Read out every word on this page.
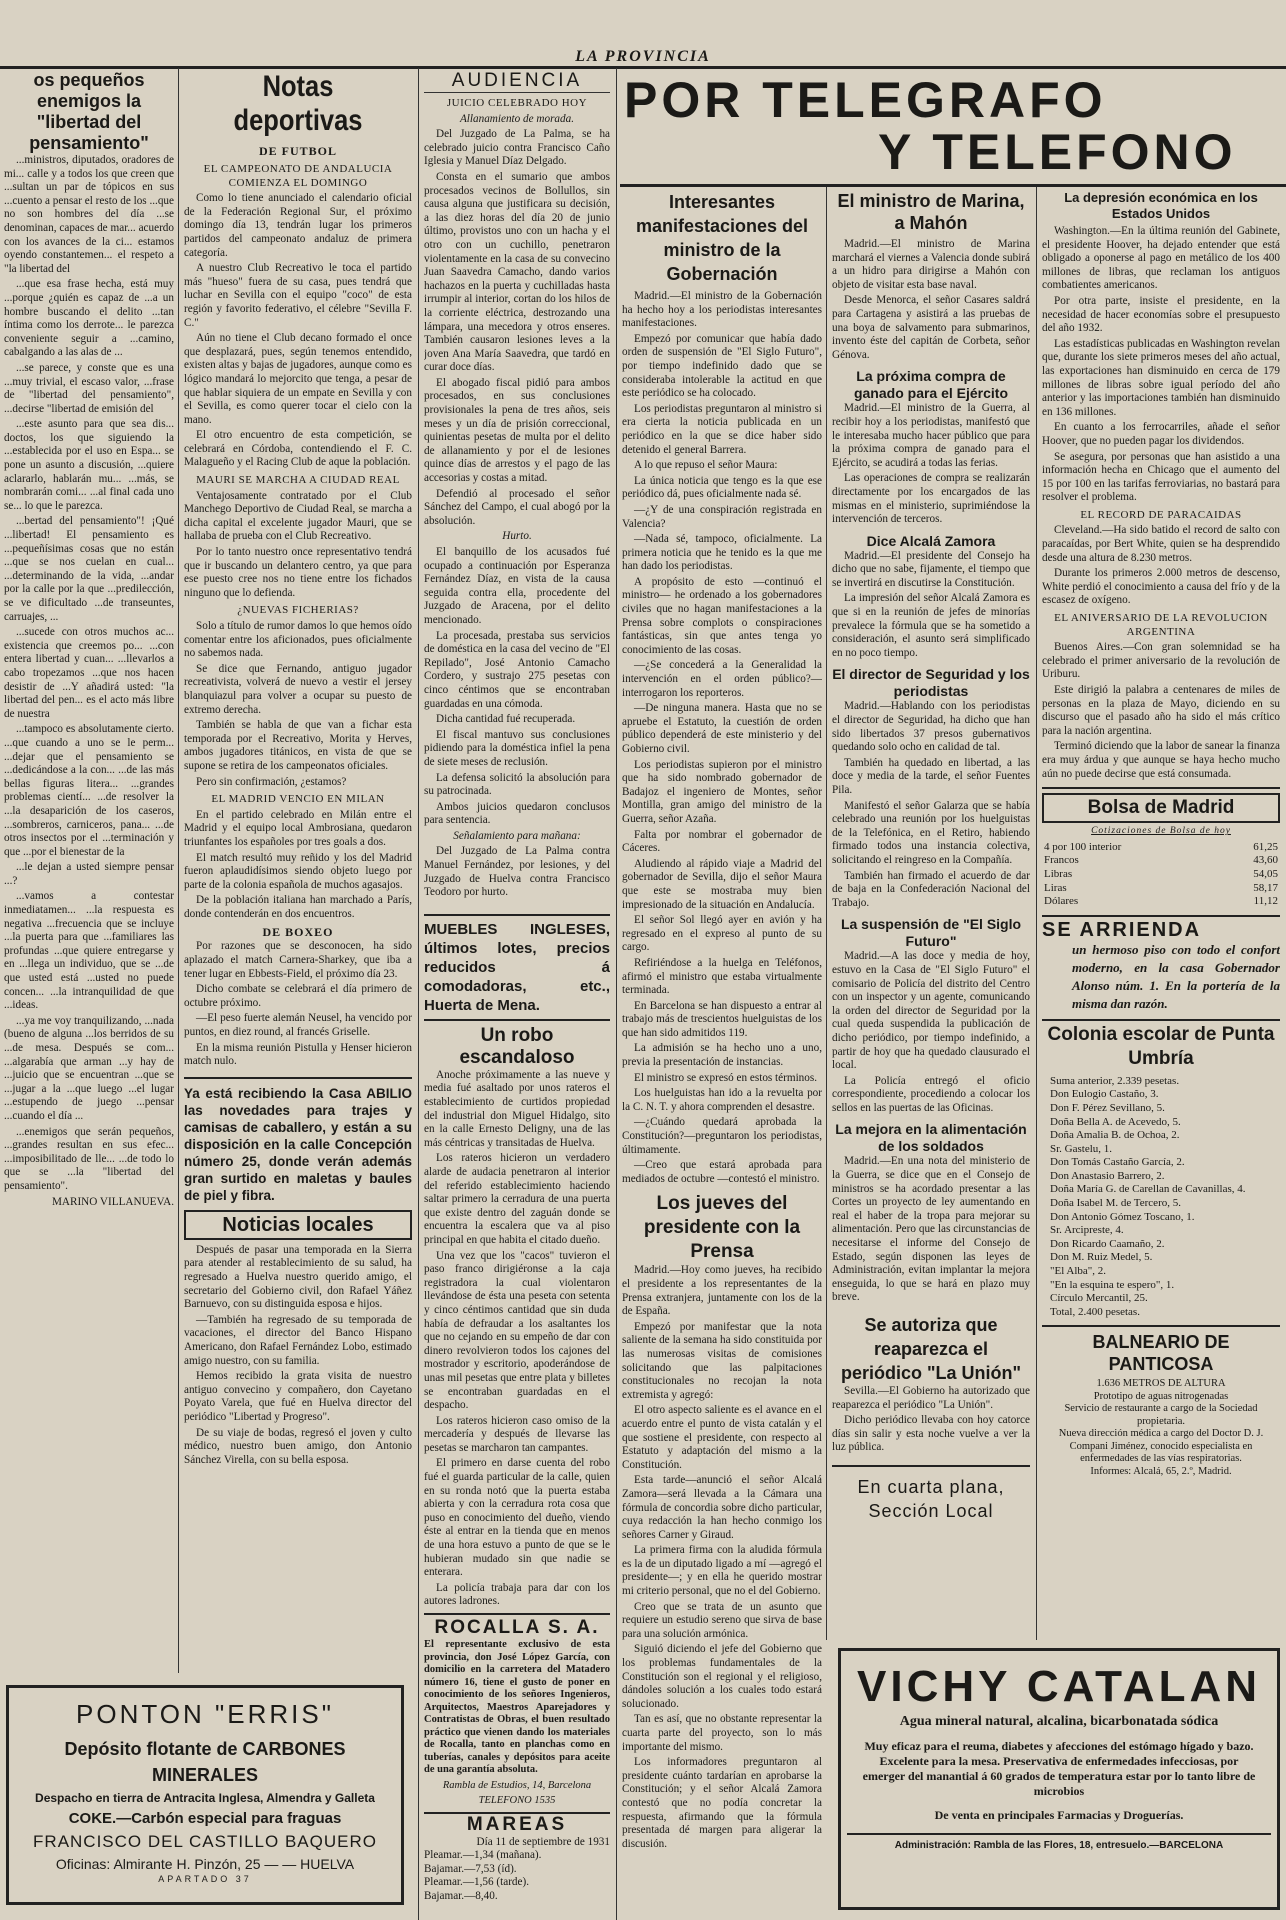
LA PROVINCIA
os pequeños enemigos la "libertad del pensamiento"

...ministros, diputados, oradores de mi... calle y a todos los que creen que ...sultan un par de tópicos en sus ...cuento a pensar el resto de los ...que no son hombres del día ...se denominan, capaces de mar... acuerdo con los avances de la ci... estamos oyendo constantemen... el respeto a "la libertad del

...que esa frase hecha, está muy ...porque ¿quién es capaz de ...a un hombre buscando el delito ...tan íntima como los derrote... le parezca conveniente seguir a ...camino, cabalgando a las alas de ...

...se parece, y conste que es una ...muy trivial, el escaso valor, ...frase de "libertad del pensamiento", ...decirse "libertad de emisión del

...este asunto para que sea dis... doctos, los que siguiendo la ...establecida por el uso en Espa... se pone un asunto a discusión, ...quiere aclararlo, hablarán mu... ...más, se nombrarán comi... ...al final cada uno se... lo que le parezca.

...bertad del pensamiento"! ¡Qué ...libertad! El pensamiento es ...pequeñísimas cosas que no están ...que se nos cuelan en cual... ...determinando de la vida, ...andar por la calle por la que ...predilección, se ve dificultado ...de transeuntes, carruajes, ...

...sucede con otros muchos ac... existencia que creemos po... ...con entera libertad y cuan... ...llevarlos a cabo tropezamos ...que nos hacen desistir de ...Y añadirá usted: "la libertad del pen... es el acto más libre de nuestra

...tampoco es absolutamente cierto. ...que cuando a uno se le perm... ...dejar que el pensamiento se ...dedicándose a la con... ...de las más bellas figuras litera... ...grandes problemas cientí... ...de resolver la ...la desaparición de los caseros, ...sombreros, carniceros, pana... ...de otros insectos por el ...terminación y que ...por el bienestar de la

...le dejan a usted siempre pensar ...?

...vamos a contestar inmediatamen... ...la respuesta es negativa ...frecuencia que se incluye ...la puerta para que ...familiares las profundas ...que quiere entregarse y en ...llega un individuo, que se ...de que usted está ...usted no puede concen... ...la intranquilidad de que ...ideas.

...ya me voy tranquilizando, ...nada (bueno de alguna ...los berridos de su ...de mesa. Después se com... ...algarabía que arman ...y hay de ...juicio que se encuentran ...que se ...jugar a la ...que luego ...el lugar ...estupendo de juego ...pensar ...cuando el día ...

...enemigos que serán pequeños, ...grandes resultan en sus efec... ...imposibilitado de lle... ...de todo lo que se ...la "libertad del pensamiento".

MARINO VILLANUEVA.
Notas deportivas
DE FUTBOL
EL CAMPEONATO DE ANDALUCIA COMIENZA EL DOMINGO

Como lo tiene anunciado el calendario oficial de la Federación Regional Sur, el próximo domingo día 13, tendrán lugar los primeros partidos del campeonato andaluz de primera categoría.

A nuestro Club Recreativo le toca el partido más "hueso" fuera de su casa, pues tendrá que luchar en Sevilla con el equipo "coco" de esta región y favorito federativo, el célebre "Sevilla F. C."

Aún no tiene el Club decano formado el once que desplazará, pues, según tenemos entendido, existen altas y bajas de jugadores, aunque como es lógico mandará lo mejorcito que tenga, a pesar de que hablar siquiera de un empate en Sevilla y con el Sevilla, es como querer tocar el cielo con la mano.

El otro encuentro de esta competición, se celebrará en Córdoba, contendiendo el F. C. Malagueño y el Racing Club de aque la población.

MAURI SE MARCHA A CIUDAD REAL

Ventajosamente contratado por el Club Manchego Deportivo de Ciudad Real, se marcha a dicha capital el excelente jugador Mauri, que se hallaba de prueba con el Club Recreativo.

Por lo tanto nuestro once representativo tendrá que ir buscando un delantero centro, ya que para ese puesto cree nos no tiene entre los fichados ninguno que lo defienda.

¿NUEVAS FICHERIAS?

Solo a título de rumor damos lo que hemos oído comentar entre los aficionados, pues oficialmente no sabemos nada.

Se dice que Fernando, antiguo jugador recreativista, volverá de nuevo a vestir el jersey blanquiazul para volver a ocupar su puesto de extremo derecha.

También se habla de que van a fichar esta temporada por el Recreativo, Morita y Herves, ambos jugadores titánicos, en vista de que se supone se retira de los campeonatos oficiales.

Pero sin confirmación, ¿estamos?

EL MADRID VENCIO EN MILAN

En el partido celebrado en Milán entre el Madrid y el equipo local Ambrosiana, quedaron triunfantes los españoles por tres goals a dos.

El match resultó muy reñido y los del Madrid fueron aplaudidísimos siendo objeto luego por parte de la colonia española de muchos agasajos.

De la población italiana han marchado a París, donde contenderán en dos encuentros.

DE BOXEO

Por razones que se desconocen, ha sido aplazado el match Carnera-Sharkey, que iba a tener lugar en Ebbests-Field, el próximo día 23.

Dicho combate se celebrará el día primero de octubre próximo.

—El peso fuerte alemán Neusel, ha vencido por puntos, en diez round, al francés Griselle.

En la misma reunión Pistulla y Henser hicieron match nulo.

Ya está recibiendo la Casa ABILIO las novedades para trajes y camisas de caballero, y están a su disposición en la calle Concepción número 25, donde verán además gran surtido en maletas y baules de piel y fibra.
Noticias locales

Después de pasar una temporada en la Sierra para atender al restablecimiento de su salud, ha regresado a Huelva nuestro querido amigo, el secretario del Gobierno civil, don Rafael Yáñez Barnuevo, con su distinguida esposa e hijos.

—También ha regresado de su temporada de vacaciones, el director del Banco Hispano Americano, don Rafael Fernández Lobo, estimado amigo nuestro, con su familia.

Hemos recibido la grata visita de nuestro antiguo convecino y compañero, don Cayetano Poyato Varela, que fué en Huelva director del periódico "Libertad y Progreso".

De su viaje de bodas, regresó el joven y culto médico, nuestro buen amigo, don Antonio Sánchez Virella, con su bella esposa.

AUDIENCIA
JUICIO CELEBRADO HOY
Allanamiento de morada.

Del Juzgado de La Palma, se ha celebrado juicio contra Francisco Caño Iglesia y Manuel Díaz Delgado.

Consta en el sumario que ambos procesados vecinos de Bollullos, sin causa alguna que justificara su decisión, a las diez horas del día 20 de junio último, provistos uno con un hacha y el otro con un cuchillo, penetraron violentamente en la casa de su convecino Juan Saavedra Camacho, dando varios hachazos en la puerta y cuchilladas hasta irrumpir al interior, cortan do los hilos de la corriente eléctrica, destrozando una lámpara, una mecedora y otros enseres. También causaron lesiones leves a la joven Ana María Saavedra, que tardó en curar doce días.

El abogado fiscal pidió para ambos procesados, en sus conclusiones provisionales la pena de tres años, seis meses y un día de prisión correccional, quinientas pesetas de multa por el delito de allanamiento y por el de lesiones quince días de arrestos y el pago de las accesorias y costas a mitad.

Defendió al procesado el señor Sánchez del Campo, el cual abogó por la absolución.

Hurto.

El banquillo de los acusados fué ocupado a continuación por Esperanza Fernández Díaz, en vista de la causa seguida contra ella, procedente del Juzgado de Aracena, por el delito mencionado.

La procesada, prestaba sus servicios de doméstica en la casa del vecino de "El Repilado", José Antonio Camacho Cordero, y sustrajo 275 pesetas con cinco céntimos que se encontraban guardadas en una cómoda.

Dicha cantidad fué recuperada.

El fiscal mantuvo sus conclusiones pidiendo para la doméstica infiel la pena de siete meses de reclusión.

La defensa solicitó la absolución para su patrocinada.

Ambos juicios quedaron conclusos para sentencia.

Señalamiento para mañana:

Del Juzgado de La Palma contra Manuel Fernández, por lesiones, y del Juzgado de Huelva contra Francisco Teodoro por hurto.

MUEBLES INGLESES, últimos lotes, precios reducidos á comodadoras, etc., Huerta de Mena.
Un robo escandaloso

Anoche próximamente a las nueve y media fué asaltado por unos rateros el establecimiento de curtidos propiedad del industrial don Miguel Hidalgo, sito en la calle Ernesto Deligny, una de las más céntricas y transitadas de Huelva.

Los rateros hicieron un verdadero alarde de audacia penetraron al interior del referido establecimiento haciendo saltar primero la cerradura de una puerta que existe dentro del zaguán donde se encuentra la escalera que va al piso principal en que habita el citado dueño.

Una vez que los "cacos" tuvieron el paso franco dirigiéronse a la caja registradora la cual violentaron llevándose de ésta una peseta con setenta y cinco céntimos cantidad que sin duda había de defraudar a los asaltantes los que no cejando en su empeño de dar con dinero revolvieron todos los cajones del mostrador y escritorio, apoderándose de unas mil pesetas que entre plata y billetes se encontraban guardadas en el despacho.

Los rateros hicieron caso omiso de la mercadería y después de llevarse las pesetas se marcharon tan campantes.

El primero en darse cuenta del robo fué el guarda particular de la calle, quien en su ronda notó que la puerta estaba abierta y con la cerradura rota cosa que puso en conocimiento del dueño, viendo éste al entrar en la tienda que en menos de una hora estuvo a punto de que se le hubieran mudado sin que nadie se enterara.

La policía trabaja para dar con los autores ladrones.

ROCALLA S. A.
El representante exclusivo de esta provincia, don José López García, con domicilio en la carretera del Matadero número 16, tiene el gusto de poner en conocimiento de los señores Ingenieros, Arquitectos, Maestros Aparejadores y Contratistas de Obras, el buen resultado práctico que vienen dando los materiales de Rocalla, tanto en planchas como en tuberías, canales y depósitos para aceite de una garantía absoluta.
Rambla de Estudios, 14, Barcelona
TELEFONO 1535
MAREAS
Día 11 de septiembre de 1931
Pleamar.—1,34 (mañana).
Bajamar.—7,53 (íd).
Pleamar.—1,56 (tarde).
Bajamar.—8,40.
POR TELEGRAFO
Y TELEFONO
Interesantes manifestaciones del ministro de la Gobernación

Madrid.—El ministro de la Gobernación ha hecho hoy a los periodistas interesantes manifestaciones.

Empezó por comunicar que había dado orden de suspensión de "El Siglo Futuro", por tiempo indefinido dado que se consideraba intolerable la actitud en que este periódico se ha colocado.

Los periodistas preguntaron al ministro si era cierta la noticia publicada en un periódico en la que se dice haber sido detenido el general Barrera.

A lo que repuso el señor Maura:

La única noticia que tengo es la que ese periódico dá, pues oficialmente nada sé.

—¿Y de una conspiración registrada en Valencia?

—Nada sé, tampoco, oficialmente. La primera noticia que he tenido es la que me han dado los periodistas.

A propósito de esto —continuó el ministro— he ordenado a los gobernadores civiles que no hagan manifestaciones a la Prensa sobre complots o conspiraciones fantásticas, sin que antes tenga yo conocimiento de las cosas.

—¿Se concederá a la Generalidad la intervención en el orden público?—interrogaron los reporteros.

—De ninguna manera. Hasta que no se apruebe el Estatuto, la cuestión de orden público dependerá de este ministerio y del Gobierno civil.

Los periodistas supieron por el ministro que ha sido nombrado gobernador de Badajoz el ingeniero de Montes, señor Montilla, gran amigo del ministro de la Guerra, señor Azaña.

Falta por nombrar el gobernador de Cáceres.

Aludiendo al rápido viaje a Madrid del gobernador de Sevilla, dijo el señor Maura que este se mostraba muy bien impresionado de la situación en Andalucía.

El señor Sol llegó ayer en avión y ha regresado en el expreso al punto de su cargo.

Refiriéndose a la huelga en Teléfonos, afirmó el ministro que estaba virtualmente terminada.

En Barcelona se han dispuesto a entrar al trabajo más de trescientos huelguistas de los que han sido admitidos 119.

La admisión se ha hecho uno a uno, previa la presentación de instancias.

El ministro se expresó en estos términos.

Los huelguistas han ido a la revuelta por la C. N. T. y ahora comprenden el desastre.

—¿Cuándo quedará aprobada la Constitución?—preguntaron los periodistas, últimamente.

—Creo que estará aprobada para mediados de octubre —contestó el ministro.

Los jueves del presidente con la Prensa

Madrid.—Hoy como jueves, ha recibido el presidente a los representantes de la Prensa extranjera, juntamente con los de la de España.

Empezó por manifestar que la nota saliente de la semana ha sido constituida por las numerosas visitas de comisiones solicitando que las palpitaciones constitucionales no recojan la nota extremista y agregó:

El otro aspecto saliente es el avance en el acuerdo entre el punto de vista catalán y el que sostiene el presidente, con respecto al Estatuto y adaptación del mismo a la Constitución.

Esta tarde—anunció el señor Alcalá Zamora—será llevada a la Cámara una fórmula de concordia sobre dicho particular, cuya redacción la han hecho conmigo los señores Carner y Giraud.

La primera firma con la aludida fórmula es la de un diputado ligado a mí —agregó el presidente—; y en ella he querido mostrar mi criterio personal, que no el del Gobierno.

Creo que se trata de un asunto que requiere un estudio sereno que sirva de base para una solución armónica.

Siguió diciendo el jefe del Gobierno que los problemas fundamentales de la Constitución son el regional y el religioso, dándoles solución a los cuales todo estará solucionado.

Tan es así, que no obstante representar la cuarta parte del proyecto, son lo más importante del mismo.

Los informadores preguntaron al presidente cuánto tardarían en aprobarse la Constitución; y el señor Alcalá Zamora contestó que no podía concretar la respuesta, afirmando que la fórmula presentada dé margen para aligerar la discusión.

El ministro de Marina, a Mahón

Madrid.—El ministro de Marina marchará el viernes a Valencia donde subirá a un hidro para dirigirse a Mahón con objeto de visitar esta base naval.

Desde Menorca, el señor Casares saldrá para Cartagena y asistirá a las pruebas de una boya de salvamento para submarinos, invento éste del capitán de Corbeta, señor Génova.

La próxima compra de ganado para el Ejército

Madrid.—El ministro de la Guerra, al recibir hoy a los periodistas, manifestó que le interesaba mucho hacer público que para la próxima compra de ganado para el Ejército, se acudirá a todas las ferias.

Las operaciones de compra se realizarán directamente por los encargados de las mismas en el ministerio, suprimiéndose la intervención de terceros.

Dice Alcalá Zamora

Madrid.—El presidente del Consejo ha dicho que no sabe, fijamente, el tiempo que se invertirá en discutirse la Constitución.

La impresión del señor Alcalá Zamora es que si en la reunión de jefes de minorías prevalece la fórmula que se ha sometido a consideración, el asunto será simplificado en no poco tiempo.

El director de Seguridad y los periodistas

Madrid.—Hablando con los periodistas el director de Seguridad, ha dicho que han sido libertados 37 presos gubernativos quedando solo ocho en calidad de tal.

También ha quedado en libertad, a las doce y media de la tarde, el señor Fuentes Pila.

Manifestó el señor Galarza que se había celebrado una reunión por los huelguistas de la Telefónica, en el Retiro, habiendo firmado todos una instancia colectiva, solicitando el reingreso en la Compañía.

También han firmado el acuerdo de dar de baja en la Confederación Nacional del Trabajo.

La suspensión de "El Siglo Futuro"

Madrid.—A las doce y media de hoy, estuvo en la Casa de "El Siglo Futuro" el comisario de Policía del distrito del Centro con un inspector y un agente, comunicando la orden del director de Seguridad por la cual queda suspendida la publicación de dicho periódico, por tiempo indefinido, a partir de hoy que ha quedado clausurado el local.

La Policía entregó el oficio correspondiente, procediendo a colocar los sellos en las puertas de las Oficinas.

La mejora en la alimentación de los soldados

Madrid.—En una nota del ministerio de la Guerra, se dice que en el Consejo de ministros se ha acordado presentar a las Cortes un proyecto de ley aumentando en real el haber de la tropa para mejorar su alimentación. Pero que las circunstancias de necesitarse el informe del Consejo de Estado, según disponen las leyes de Administración, evitan implantar la mejora enseguida, lo que se hará en plazo muy breve.

Se autoriza que reaparezca el periódico "La Unión"

Sevilla.—El Gobierno ha autorizado que reaparezca el periódico "La Unión".

Dicho periódico llevaba con hoy catorce días sin salir y esta noche vuelve a ver la luz pública.

En cuarta plana, Sección Local
La depresión económica en los Estados Unidos

Washington.—En la última reunión del Gabinete, el presidente Hoover, ha dejado entender que está obligado a oponerse al pago en metálico de los 400 millones de libras, que reclaman los antiguos combatientes americanos.

Por otra parte, insiste el presidente, en la necesidad de hacer economías sobre el presupuesto del año 1932.

Las estadísticas publicadas en Washington revelan que, durante los siete primeros meses del año actual, las exportaciones han disminuido en cerca de 179 millones de libras sobre igual período del año anterior y las importaciones también han disminuido en 136 millones.

En cuanto a los ferrocarriles, añade el señor Hoover, que no pueden pagar los dividendos.

Se asegura, por personas que han asistido a una información hecha en Chicago que el aumento del 15 por 100 en las tarifas ferroviarias, no bastará para resolver el problema.

EL RECORD DE PARACAIDAS

Cleveland.—Ha sido batido el record de salto con paracaídas, por Bert White, quien se ha desprendido desde una altura de 8.230 metros.

Durante los primeros 2.000 metros de descenso, White perdió el conocimiento a causa del frío y de la escasez de oxígeno.

EL ANIVERSARIO DE LA REVOLUCION ARGENTINA

Buenos Aires.—Con gran solemnidad se ha celebrado el primer aniversario de la revolución de Uriburu.

Este dirigió la palabra a centenares de miles de personas en la plaza de Mayo, diciendo en su discurso que el pasado año ha sido el más crítico para la nación argentina.

Terminó diciendo que la labor de sanear la finanza era muy árdua y que aunque se haya hecho mucho aún no puede decirse que está consumada.

Bolsa de Madrid
Cotizaciones de Bolsa de hoy
4 por 100 interior	61,25
Francos	43,60
Libras	54,05
Liras	58,17
Dólares	11,12
SE ARRIENDA
un hermoso piso con todo el confort moderno, en la casa Gobernador Alonso núm. 1. En la portería de la misma dan razón.
Colonia escolar de Punta Umbría
Suma anterior, 2.339 pesetas.
Don Eulogio Castaño, 3.
Don F. Pérez Sevillano, 5.
Doña Bella A. de Acevedo, 5.
Doña Amalia B. de Ochoa, 2.
Sr. Gastelu, 1.
Don Tomás Castaño García, 2.
Don Anastasio Barrero, 2.
Doña María G. de Carellan de Cavanillas, 4.
Doña Isabel M. de Tercero, 5.
Don Antonio Gómez Toscano, 1.
Sr. Arcipreste, 4.
Don Ricardo Caamaño, 2.
Don M. Ruiz Medel, 5.
"El Alba", 2.
"En la esquina te espero", 1.
Círculo Mercantil, 25.
Total, 2.400 pesetas.
BALNEARIO DE PANTICOSA
1.636 METROS DE ALTURA
Prototipo de aguas nitrogenadas
Servicio de restaurante a cargo de la Sociedad propietaria.
Nueva dirección médica a cargo del Doctor D. J. Compani Jiménez, conocido especialista en enfermedades de las vías respiratorias.
Informes: Alcalá, 65, 2.º, Madrid.
PONTON "ERRIS"
Depósito flotante de CARBONES MINERALES
Despacho en tierra de Antracita Inglesa, Almendra y Galleta
COKE.—Carbón especial para fraguas
FRANCISCO DEL CASTILLO BAQUERO
Oficinas: Almirante H. Pinzón, 25 — — HUELVA
APARTADO 37
VICHY CATALAN
Agua mineral natural, alcalina, bicarbonatada sódica
Muy eficaz para el reuma, diabetes y afecciones del estómago hígado y bazo. Excelente para la mesa. Preservativa de enfermedades infecciosas, por emerger del manantial á 60 grados de temperatura estar por lo tanto libre de microbios
De venta en principales Farmacias y Droguerías.
Administración: Rambla de las Flores, 18, entresuelo.—BARCELONA
